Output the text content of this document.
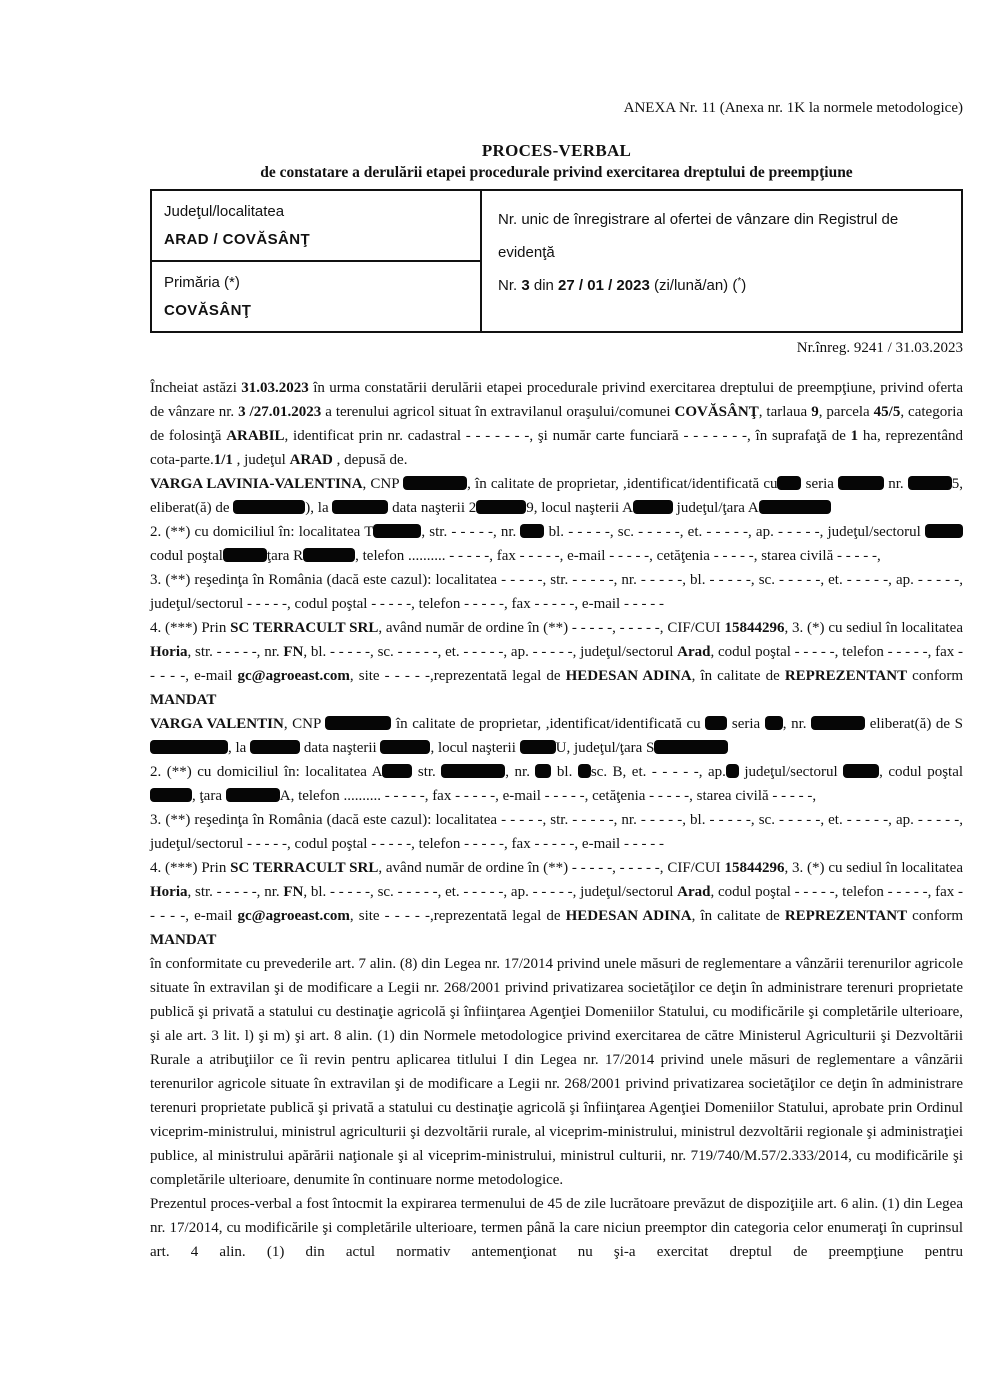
ANEXA Nr. 11 (Anexa nr. 1K la normele metodologice)
PROCES-VERBAL
de constatare a derulării etapei procedurale privind exercitarea dreptului de preempţiune
Judeţul/localitatea
ARAD / COVĂSÂNŢ

Nr. unic de înregistrare al ofertei de vânzare din Registrul de evidenţă
Nr. 3 din 27 / 01 / 2023 (zi/lună/an) (*)

Primăria (*)
COVĂSÂNŢ
Nr.înreg. 9241 / 31.03.2023
Încheiat astăzi 31.03.2023 în urma constatării derulării etapei procedurale privind exercitarea dreptului de preempţiune, privind oferta de vânzare nr. 3 /27.01.2023 a terenului agricol situat în extravilanul oraşului/comunei COVĂSÂNŢ, tarlaua 9, parcela 45/5, categoria de folosinţă ARABIL, identificat prin nr. cadastral - - - - - - -, şi număr carte funciară - - - - - - -, în suprafaţă de 1 ha, reprezentând cota-parte.1/1 , judeţul ARAD , depusă de.
VARGA LAVINIA-VALENTINA, CNP	, în calitate de proprietar, ,identificat/identificată cu seria	nr.	5, eliberat(ă) de	), la	data naşterii 2	9, locul naşterii A	judeţul/ţara A
2. (**) cu domiciliul în: localitatea T	, str. - - - - -, nr.  bl. - - - - -, sc. - - - - -, et. - - - - -, ap. - - - - -, judeţul/sectorul codul poştal	ţara R	, telefon .......... - - - - -, fax - - - - -, e-mail - - - - -, cetăţenia - - - - -, starea civilă - - - - -,
3. (**) reşedinţa în România (dacă este cazul): localitatea - - - - -, str. - - - - -, nr. - - - - -, bl. - - - - -, sc. - - - - -, et. - - - - -, ap. - - - - -, judeţul/sectorul - - - - -, codul poştal - - - - -, telefon - - - - -, fax - - - - -, e-mail - - - - -
4. (***) Prin SC TERRACULT SRL, având număr de ordine în (**) - - - - -, - - - - -, CIF/CUI 15844296, 3. (*) cu sediul în localitatea Horia, str. - - - - -, nr. FN, bl. - - - - -, sc. - - - - -, et. - - - - -, ap. - - - - -, judeţul/sectorul Arad, codul poştal - - - - -, telefon - - - - -, fax - - - - -, e-mail gc@agroeast.com, site - - - - -,reprezentată legal de HEDESAN ADINA, în calitate de REPREZENTANT conform MANDAT
VARGA VALENTIN, CNP	în calitate de proprietar, ,identificat/identificată cu  seria , nr.	eliberat(ă) de S, la	data naşterii	, locul naşterii U, judeţul/ţara S
2. (**) cu domiciliul în: localitatea A str.	, nr.  bl. sc. B, et. - - - - -, ap. judeţul/sectorul , codul poştal , ţara	A, telefon .......... - - - - -, fax - - - - -, e-mail - - - - -, cetăţenia - - - - -, starea civilă - - - - -,
3. (**) reşedinţa în România (dacă este cazul): localitatea - - - - -, str. - - - - -, nr. - - - - -, bl. - - - - -, sc. - - - - -, et. - - - - -, ap. - - - - -, judeţul/sectorul - - - - -, codul poştal - - - - -, telefon - - - - -, fax - - - - -, e-mail - - - - -
4. (***) Prin SC TERRACULT SRL, având număr de ordine în (**) - - - - -, - - - - -, CIF/CUI 15844296, 3. (*) cu sediul în localitatea Horia, str. - - - - -, nr. FN, bl. - - - - -, sc. - - - - -, et. - - - - -, ap. - - - - -, judeţul/sectorul Arad, codul poştal - - - - -, telefon - - - - -, fax - - - - -, e-mail gc@agroeast.com, site - - - - -,reprezentată legal de HEDESAN ADINA, în calitate de REPREZENTANT conform MANDAT
în conformitate cu prevederile art. 7 alin. (8) din Legea nr. 17/2014 privind unele măsuri de reglementare a vânzării terenurilor agricole situate în extravilan şi de modificare a Legii nr. 268/2001 privind privatizarea societăţilor ce deţin în administrare terenuri proprietate publică şi privată a statului cu destinaţie agricolă şi înfiinţarea Agenţiei Domeniilor Statului, cu modificările şi completările ulterioare, şi ale art. 3 lit. l) şi m) şi art. 8 alin. (1) din Normele metodologice privind exercitarea de către Ministerul Agriculturii şi Dezvoltării Rurale a atribuţiilor ce îi revin pentru aplicarea titlului I din Legea nr. 17/2014 privind unele măsuri de reglementare a vânzării terenurilor agricole situate în extravilan şi de modificare a Legii nr. 268/2001 privind privatizarea societăţilor ce deţin în administrare terenuri proprietate publică şi privată a statului cu destinaţie agricolă şi înfiinţarea Agenţiei Domeniilor Statului, aprobate prin Ordinul viceprim-ministrului, ministrul agriculturii şi dezvoltării rurale, al viceprim-ministrului, ministrul dezvoltării regionale şi administraţiei publice, al ministrului apărării naţionale şi al viceprim-ministrului, ministrul culturii, nr. 719/740/M.57/2.333/2014, cu modificările şi completările ulterioare, denumite în continuare norme metodologice.
Prezentul proces-verbal a fost întocmit la expirarea termenului de 45 de zile lucrătoare prevăzut de dispoziţiile art. 6 alin. (1) din Legea nr. 17/2014, cu modificările şi completările ulterioare, termen până la care niciun preemptor din categoria celor enumeraţi în cuprinsul art. 4 alin. (1) din actul normativ antemenţionat nu şi-a exercitat dreptul de preempţiune pentru
